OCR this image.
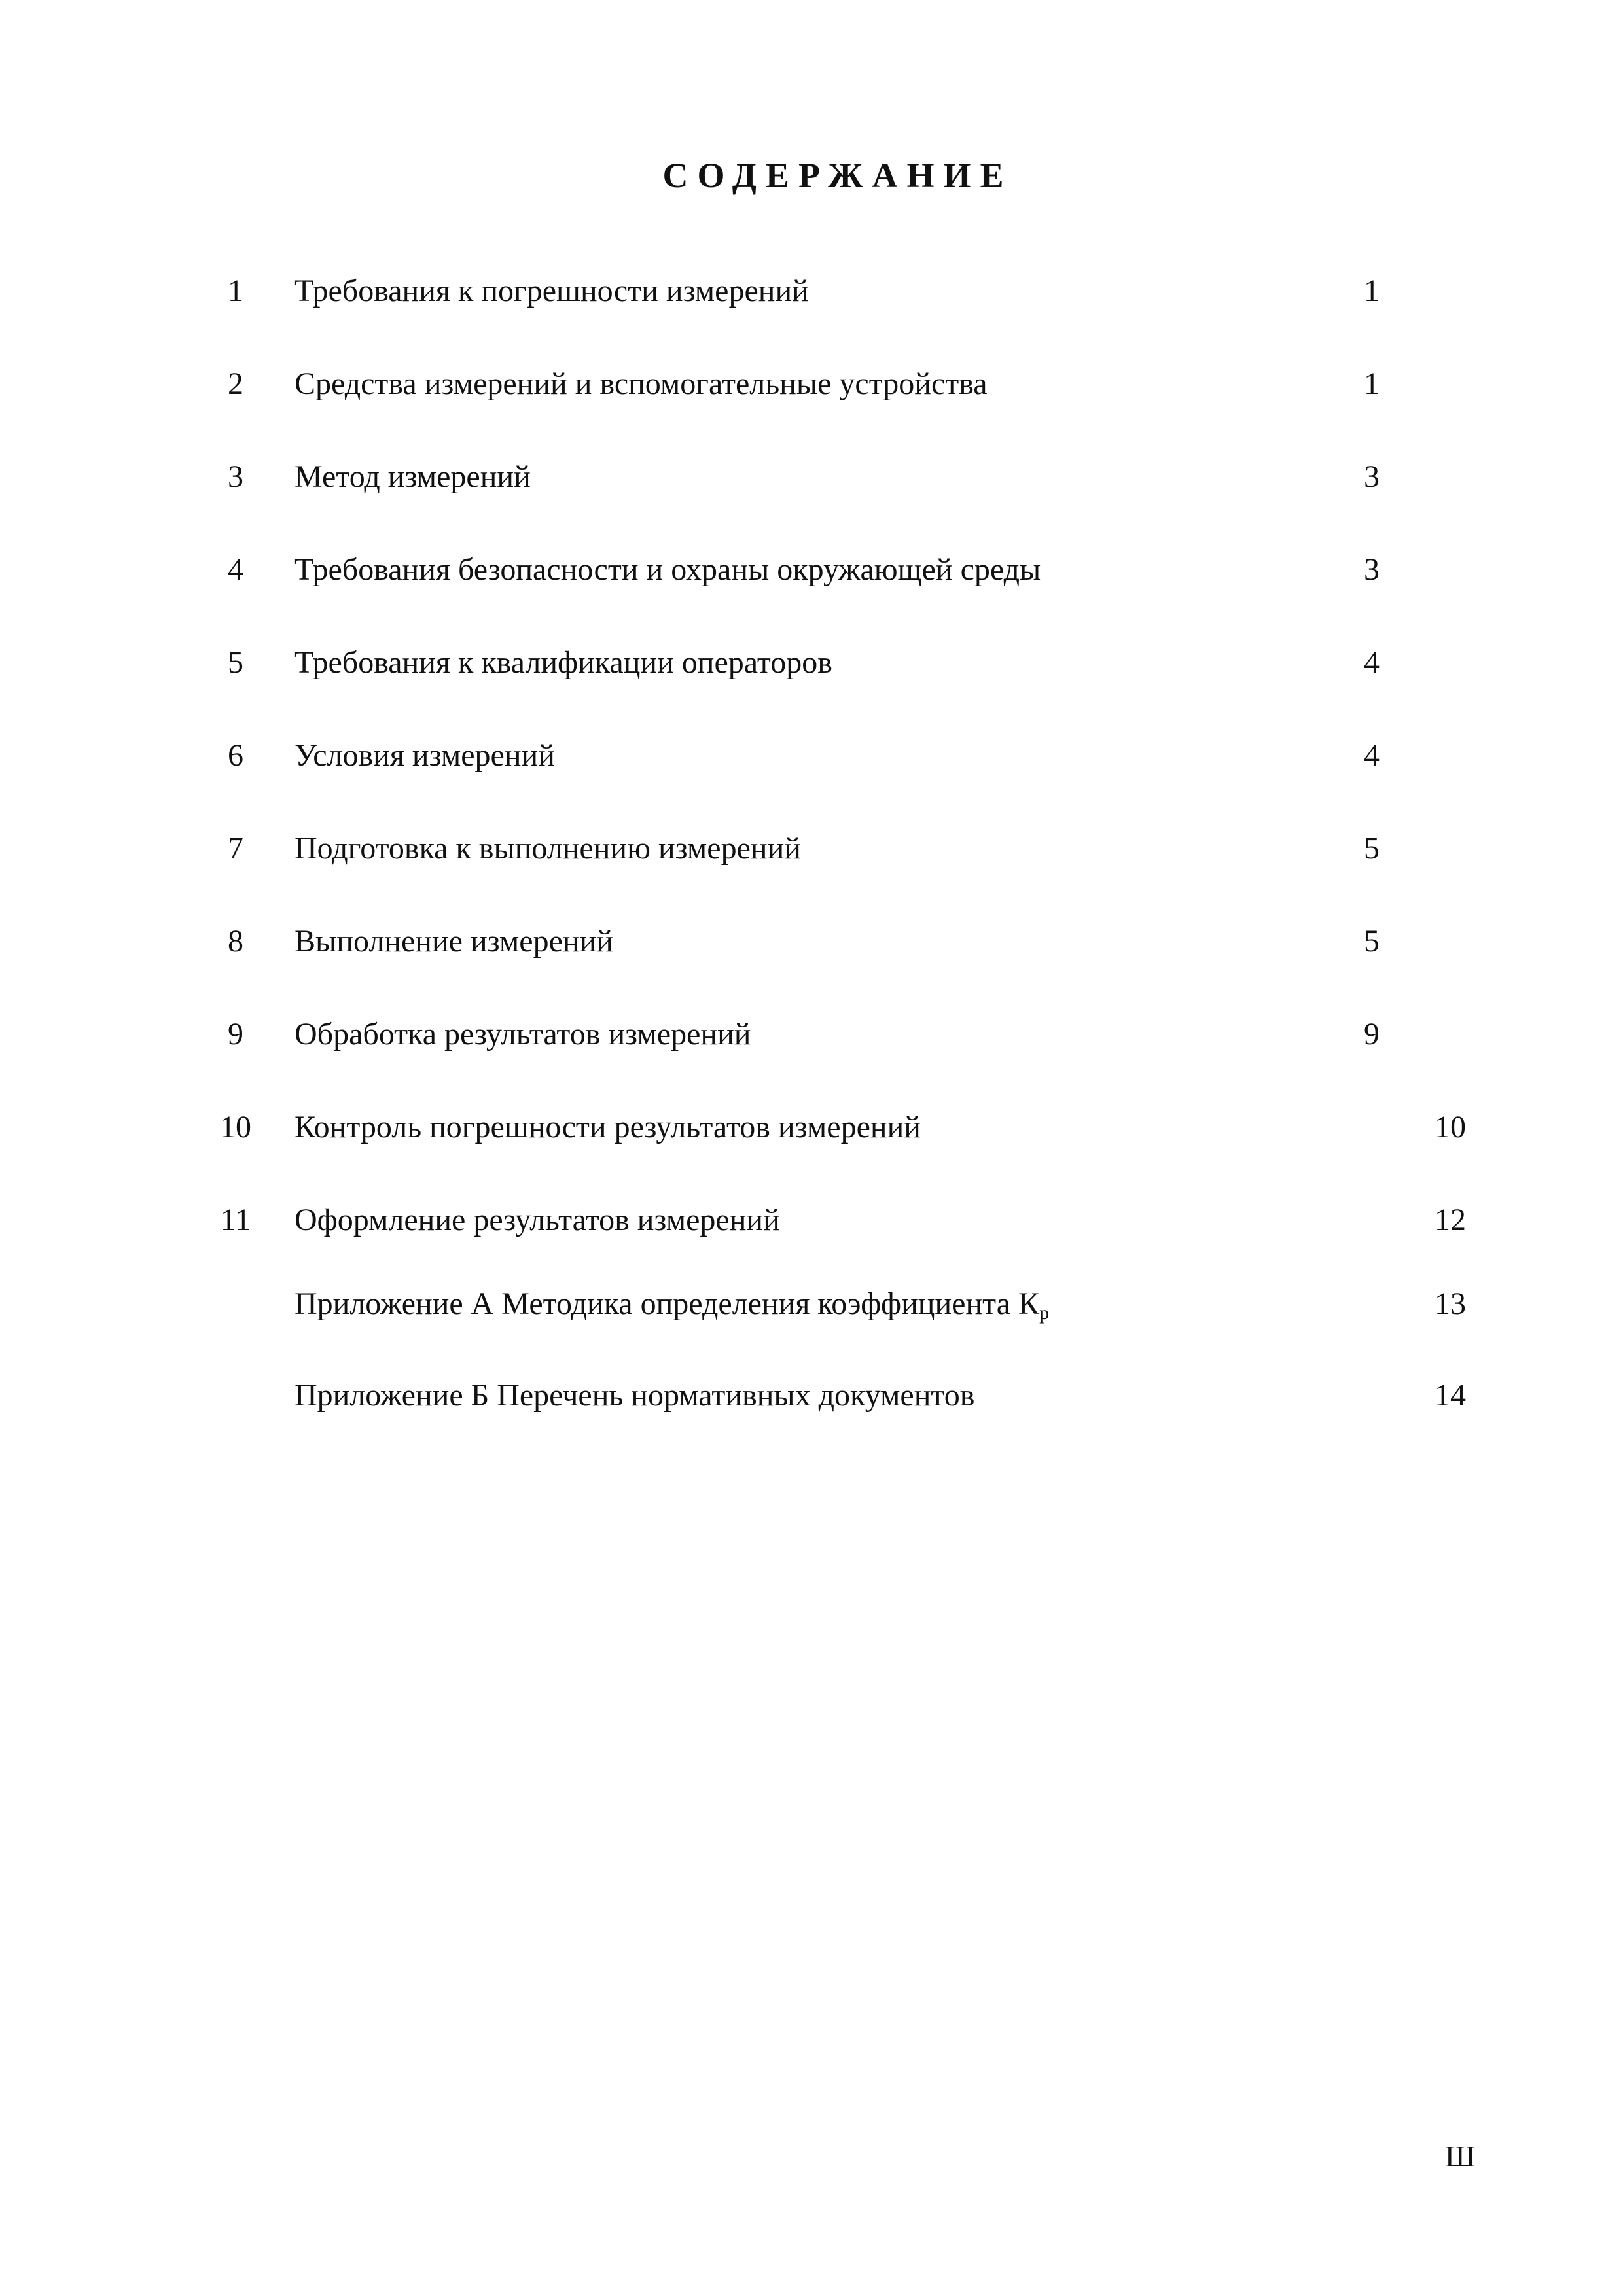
СОДЕРЖАНИЕ
1	Требования к погрешности измерений	1
2	Средства измерений и вспомогательные устройства	1
3	Метод измерений	3
4	Требования безопасности и охраны окружающей среды	3
5	Требования к квалификации операторов	4
6	Условия измерений	4
7	Подготовка к выполнению измерений	5
8	Выполнение измерений	5
9	Обработка результатов измерений	9
10	Контроль погрешности результатов измерений	10
11	Оформление результатов измерений	12
Приложение А Методика определения коэффициента $К_р$	13
Приложение Б Перечень нормативных документов	14
Ш
